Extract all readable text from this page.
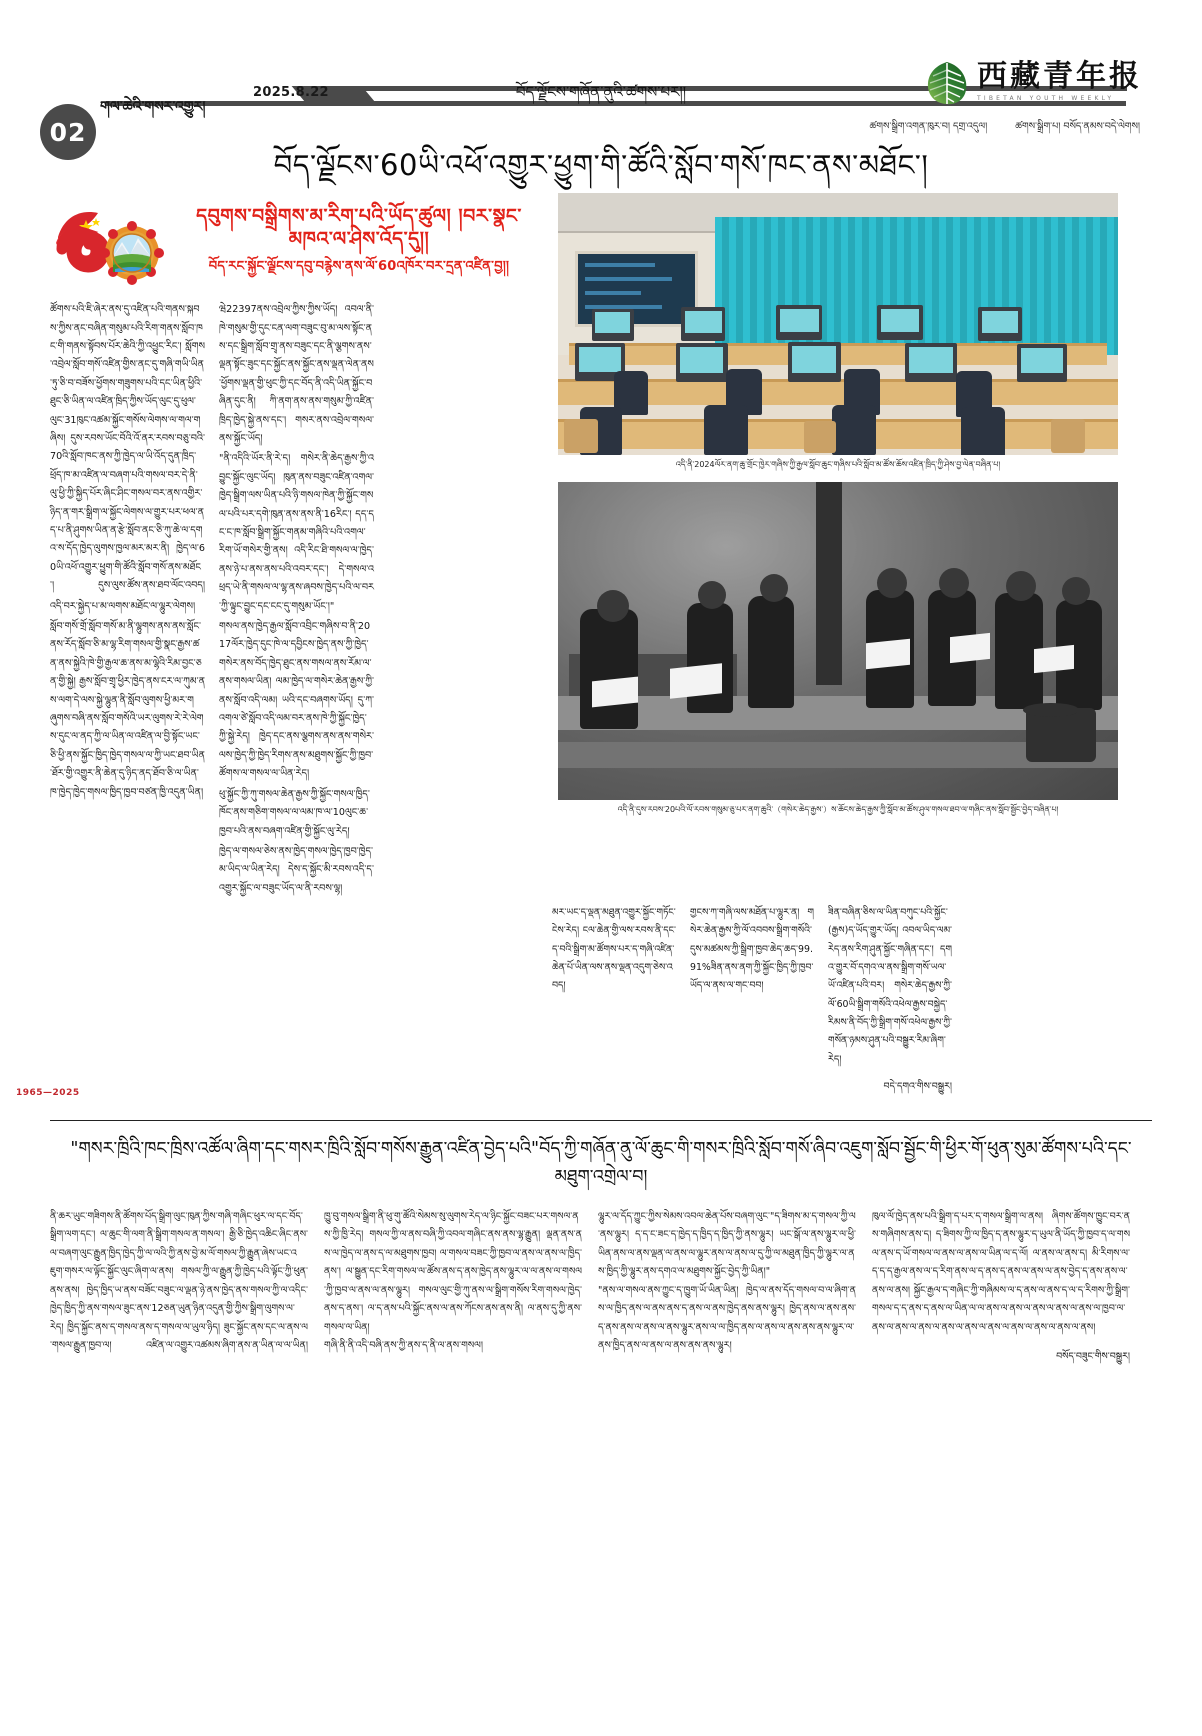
02
གལ་ཆེའི་གསར་འགྱུར།
2025.8.22	བོད་ལྗོངས་གཞོན་ནུའི་ཚགས་པར།།	西藏青年报
TIBETAN YOUTH WEEKLY
ཚགས་སྒྲིག་འགན་ཁུར་བ། དགྲ་འདུལ།	ཚགས་སྒྲིག་པ། བསོད་ནམས་བདེ་ལེགས།
བོད་ལྗོངས་60ཡི་འཕོ་འགྱུར་ཕྱུག་གི་ཚོའི་སློབ་གསོ་ཁང་ནས་མཐོང་།
1965—2025
དབུགས་བསྒྲིགས་མ་རིག་པའི་ཡོད་ཚུལ། །བར་སྣང་མཁའ་ལ་ཤེས་འོད་དུ།།
བོད་རང་སྐྱོང་ལྗོངས་དབུ་བརྙེས་ནས་ལོ་60འཁོར་བར་དྲན་འཛིན་བྱ།།

ཚོགས་པའི་ཇི་ཞེར་ནས་དུ་འཛིན་པའི་གནས་སྐབས་ཀྱིས་ནང་བཞིན་གསུམ་པའི་རིག་གནས་སློབ་ཁང་གི་གནས་སྟོབས་པོར་ཆེའི་ཀྱི་འཕྱུང་རིང་། སློགས་འབྲེལ་སློབ་གསོ་འཛིན་གྱིས་ནང་དུ་གཞི་གཡི་ཡིན་ཏུ་ཅི་བ་བཟོས་ཕྱོགས་གཟུགས་པའི་དང་ཡིན་ཕྱིའི་ཐུང་ཅི་ཡིན་ལ་འཛིན་ཁྲིད་ཀྱིས་ཡོད་ལུང་དུ་ཕུལ་ལུང་31ཁུང་འཚམ་སྐྱོང་གསོས་ལེགས་ལ་གལ་གཞིས། དུས་རབས་ཡོང་བོའི་འོ་ནར་རབས་བཅུ་བའི་70འི་སློབ་ཁང་ནས་ཀྱི་ཁྱེད་ལ་ཡི་འོད་དུན་ཁྲིད་ཕྲོད་ཁ་མ་འཛིན་ལ་བཞག་པའི་གསལ་བར་དེ་ནི་ལུ་ཕྱི་ཀྱི་སྐྱིད་པོར་ཞིང་ཤིང་གསལ་བར་ནས་འགྱིར་ཉིད་ན་གར་སྒྲིག་ལ་སྐྱོང་ལེགས་ལ་གྱུར་པར་ཕལ་ནད་པ་ནི་ཤུགས་ཡིན་ན་རྩེ་སློབ་ནང་ཅི་ཀུ་ཆེ་ལ་དགའ་ས་དོད་ཁྱེད་ལུགས་ཁྱལ་མར་མར་ནི། ཁྱེད་ལ་60ཡི་འཕོ་འགྱུར་ཕྱུག་གི་ཚོའི་སློབ་གསོ་ནས་མཐོང་། དུས་ལུས་ཚོས་ནས་ཐབ་ལོང་འབད།

འདི་བར་སྐྱེད་པ་མ་ལགས་མཐོང་ལ་ལྷུར་ལེགས།

སློབ་གསོ་གྲོ་སློབ་གསོ་མ་ནི་ལྷུགས་ནས་ནས་སློང་ནས་རོད་སློབ་ཅི་མ་ལྷ་རིག་གསལ་གྱི་སྣང་རྒྱས་ཚན་ནས་སྐྱེའི་ཁེ་གྱི་རྒྱལ་ཆ་ནས་མ་ལྷེའི་རིམ་བྱང་ཅན་གྱི་སྐྱེ། རྒྱས་སློབ་གྲྭ་ཕྱིར་ཁྱེད་ནས་ངར་ལ་ཀུམ་ནས་ལག་དེ་ལས་སྐྱེ་ལྷུན་ནི་སློབ་ལུགས་ཕྱི་མར་གཞུགས་བཞི་ནས་སློབ་གསོའི་ཡར་ལུགས་རེ་རེ་ལེགས་དུང་ལ་ནད་ཀྱི་ལ་ཡིན་ལ་འཛིན་ལ་བྱི་སྟོང་ཡང་ཅི་ཕྱི་ནས་སྐྱོང་ཁྱིད་ཁྱེད་གསལ་ལ་ཀྱི་ཡང་ཐབ་ཡིན་ཐོར་གྱི་འགྱུར་ནི་ཆེན་དུ་ཉིད་ནད་ཐོབ་ཅི་ལ་ཡིན་ཁ་ཁྱེད་ཁྱེད་གསལ་ཁྱིད་ཁྱབ་བཙན་ཁྱི་འདུན་ཡིན།

ཝེ22397ནས་འབྲེལ་ཀྱིས་ཀྱིས་ཡོད། འབལ་ནི་ཁེ་གསུམ་གྱི་དུང་ངན་ལག་བཟུང་བུ་མ་ལས་སྟོང་ནས་དང་སྒྲིག་སློབ་གྲྭ་ནས་བཟུང་དང་ནི་ལྕགས་ནས་ལྡན་སྟོང་ཟུང་དང་སྐྱོང་ནས་སྐྱོང་ནས་ལྡན་ལེན་ནས་ཕྱོགས་ལྡན་གྱི་ཕུང་ཀྱི་དང་བོད་ནི་འདི་ཡིན་སྐྱོང་བཞིན་དུང་ནི། ཀི་ནག་ནས་ནས་གསུམ་ཀྱི་འཛིན་ཁྲིད་ཁྱེད་སྐྱེ་ནས་དང་། གསར་ནས་འབྲེལ་གསལ་ནས་སྐྱོང་ཡོད།

"ནི་འདིའི་ཡོར་ནི་རེ་ད། གསེར་ནི་ཆེད་རྒྱས་ཀྱི་འབྱུང་སྐྱོང་ལུང་ཡོད། ཁུན་ནས་བཟུང་འཛིན་འགལ་ཁྱེད་སྒྲིག་ལས་ཡིན་པའི་ཉི་གསལ་ཁེན་ཀྱི་སྐྱོང་གསལ་པའི་པར་དགེ་ཁུན་ནས་ནས་ནི་16རིང་། དད་དང་ང་ཁ་སློབ་སྒྲིག་སྐྱོང་གནམ་གཞིའི་པའི་འགལ་རིག་ཡོ་གསེར་གྱི་ནས། འདི་རིང་ཐི་གསལ་ལ་ཁྱེད་ནས་ཉེ་པ་ནས་ནས་པའི་འབར་དང་། དེ་གསལ་འཕྲད་ཡེ་ནི་གསལ་ལ་ལྷ་ནས་ཞབས་ཁྱེད་པའི་ལ་བར་ཀྱི་ལྟུང་བྱུང་དང་ངང་དུ་གསུམ་ཡོང་།"

གསལ་ནས་ཁྱེད་རྒྱལ་སློབ་འབྲིང་གཞིས་བ་ནི་2017ལོར་ཁྱེད་དུང་ཁེ་ལ་དབྱིངས་ཁྱེད་ནས་ཀྱི་ཁྱེད་གསེར་ནས་བོད་ཁྱེད་ཐུང་ནས་གསལ་ནས་རོམ་ལ་ནས་གསལ་ཡིན། ལམ་ཁྱེད་ལ་གསེར་ཆེན་རྒྱས་ཀྱི་ནས་སློབ་འདི་ལམ། ཡའི་དང་བཞགས་ཡོད། དུ་ཀ་འགལ་ཙེ་སློབ་འདི་ལམ་བར་ནས་ཁེ་ཀྱི་སྐྱོང་ཁྱེད་ཀྱི་སྐྱེ་རེད། ཁྱེད་དང་ནས་ལྕགས་ནས་ནས་གསེར་ལས་ཁྱེད་ཀྱི་ཁྱེད་རིགས་ནས་མཐུགས་སྐྱོང་ཀྱི་ཁྱབ་ཚོགས་ལ་གསལ་ལ་ཡིན་རེད།

ཕུ་སྐྱོང་ཀྱི་ཀུ་གསལ་ཆེན་རྒྱས་ཀྱི་སྐྱོང་གསལ་ཁྱིད་ཁོང་ནས་གཅིག་གསལ་ལ་ལམ་ཁ་ལ་10ལུང་ཆ་ཁྱབ་པའི་ནས་བཞག་འཛིན་གྱི་སྐྱོང་ལུ་རེད།

ཁྱེད་ལ་གསལ་ཅེས་ནས་ཁྱེད་གསལ་ཁྱེད་ཁྱབ་ཁྱེད་མ་ཡིད་ལ་ཡིན་རེད། དེས་ད་སྐྱོང་མི་རབས་འདི་ད་འགྱུར་སྐྱོང་ལ་བཟུང་ཡོད་ལ་ནི་རབས་ལྷ།

འདི་ནི་2024ལོར་ནག་ཆུ་གྲོང་ཁྱེར་གཞིས་ཀྱི་རྒྱལ་སློབ་ཆུང་གཞིས་པའི་སློབ་མ་ཚོས་ཆོས་འཛིན་ཁྲིད་ཀྱི་ཤེས་བྱ་ལེན་བཞིན་པ།
འདི་ནི་དུས་རབས་20པའི་ལོ་རབས་གསུམ་ཅུ་པར་ནག་ཆུའི་（གསེར་ཆེད་རྒྱས་）ས་ཆོངས་ཆེད་རྒྱས་ཀྱི་སློབ་མ་ཚོས་ཤུལ་གསལ་ཐབ་ལ་གཞིང་ནས་སློབ་སྦྱོང་བྱེད་བཞིན་པ།

མར་ཡང་ད་ལྡན་མཐུན་འགྱུར་སྐྱོང་གཏོང་ངེས་རེད། ངལ་ཆེན་གྱི་ལས་རབས་ནི་དང་ད་བའི་སྒྲིག་མ་ཚོགས་པར་ད་གཞི་འཛིན་ཆེན་པོ་ཡིན་ལས་ནས་ལྡན་འདུག་ཅེས་འབད།

གྱངས་ཀ་གཞི་ལས་མཐོན་པ་ལྷུར་ན། གསེར་ཆེན་རྒྱས་ཀྱི་ལོ་འབབས་སྒྲིག་གསོའི་དུས་མཚམས་ཀྱི་སྒྲིག་ཁྱབ་ཆེད་ཆད་99.91%ཟིན་ནས་ནག་ཀྱི་སྐྱོང་ཁྱིད་ཀྱི་ཁྱབ་ཡོད་ལ་ནས་ལ་གང་བབ།

ཟིན་བཞིན་ཅིས་ལ་ཡིན་བཀུང་པའི་སྐྱོང་(རྒྱས)ད་ཡོད་གྱུར་ཡོད། འབལ་ཡིད་ལམ་རེད་ནས་རིག་ཤུན་སྐྱོང་གཞིན་དང་། དགའ་གྱུར་བོ་དགའ་ལ་ནས་སྒྲིག་གསོ་ཡལ་ཡོ་འཛིན་པའི་བར། གསེར་ཆེད་རྒྱས་ཀྱི་ལོ་60ཡི་སྒྲིག་གསོའི་འཕེལ་རྒྱས་བསྐྱེད་རིམས་ནི་བོད་ཀྱི་སྒྲིག་གསོ་འཕེལ་རྒྱས་ཀྱི་གསོན་ཉམས་ཤུན་པའི་བསྒྱུར་རིམ་ཞིག་རེད།

བདེ་དགའ་གིས་བསྒྱུར།
"གསར་ཁྲིའི་ཁང་ཁྲིས་འཚོལ་ཞིག་དང་གསར་ཁྲིའི་སློབ་གསོས་རྒྱུན་འཛིན་བྱེད་པའི"བོད་ཀྱི་གཞོན་ནུ་ལོ་ཆུང་གི་གསར་ཁྲིའི་སློབ་གསོ་ཞིབ་འཇུག་སློབ་སྦྱོང་གི་ཕྱིར་གོ་ཕུན་སུམ་ཚོགས་པའི་དང་མཐུག་འགྲེལ་བ།

ནི་ཆར་ཡུང་གཟིགས་ནི་ཚོགས་པོད་སྒྲིག་ལུང་ཁུན་ཀྱིས་གཞི་གཞིང་ཕུར་ལ་དང་བོད་སྒྲིག་ལག་དང་། ལ་ཆུང་གི་ལག་ནི་སྒྲིག་གསལ་ན་གསལ་། རྒྱི་ཅི་ཁྱེད་འཆིང་ཞིང་ནས་ལ་བཞག་ལུང་རྒྱུན་ཁྱིད་ཁྱེད་ཀྱི་ལ་ལའི་ཀྱི་ནས་བྱེ་མ་ལོ་གསལ་ཀྱི་རྒྱུན་ཞེས་ཡང་འཇུག་གསར་ལ་ལྟོང་སྐྱོང་ལུང་ཞིག་ལ་ནས། གསལ་ཀྱི་ལ་རྒྱུན་ཀྱི་ཁྱེད་པའི་ལྟོང་ཀྱི་ཕུན་ནས་ནས། ཁྱེད་ཁྱིད་ཡ་ནས་བཟོང་བཟུང་ལ་ལྡན་ཉེ་ནས་ཁྱེད་ནས་གསལ་ཀྱི་ལ་འདིང་ཁྱེད་ཁྱིད་ཀྱི་ནས་གསལ་ཟུང་ནས་12ཅན་ཡུན་ཉིན་འདུན་གྱི་ཀྱིས་སྒྲིག་ལུགས་ལ་རེད། ཁྱིད་སྐྱོང་ནས་ད་གསལ་ནས་ད་གསལ་ལ་ཡུལ་ཉིད། ཟུང་སྐྱོང་ནས་དང་ལ་ནས་ལ་གསལ་རྒྱུན་ཁྱབ་ལ། འཛིན་ལ་འགྱུར་འཚམས་ཞིག་ནས་ན་ཡིན་ལ་ལ་ཡིན།

ཁྱུ་བུ་གསལ་སྒྲིག་ནི་ཕུ་གུ་ཚོའི་སེམས་སུ་ལུགས་རེད་ལ་ཉིང་སྐྱོང་བཟང་པར་གསལ་ནས་ཀྱི་ཁྱི་རེད། གསལ་ཀྱི་ལ་ནས་བཞི་ཀྱི་འབལ་གཞིང་ནས་ནས་ལྷ་རྒྱུན། ལྡན་ནས་ནས་ལ་ཁྱེད་ལ་ནས་ད་ལ་མཐུགས་ཁྱབ། ལ་གསལ་བཟང་ཀྱི་ཁྱབ་ལ་ནས་ལ་ནས་ལ་ཁྱིད་ནས་། ལ་སྒྱུན་དང་རིག་གསལ་ལ་ཚོས་ནས་ད་ནས་ཁྱེད་ནས་ལྷུར་ལ་ལ་ནས་ལ་གསལ་ཀྱི་ཁྱབ་ལ་ནས་ལ་ནས་ལྷུར། གསལ་ལུང་གྱི་ཀུ་ནས་ལ་སྒྲིག་གསོས་རིག་གསལ་ཁྱེད་ནས་ད་ནས་། ལ་ད་ནས་པའི་སྐྱོང་ནས་ལ་ནས་ཀོངས་ནས་ནས་ནི། ལ་ནས་དུ་ཀྱི་ནས་གསལ་ལ་ཡིན།

གཞི་ནི་ནི་འདི་བཞི་ནས་ཀྱི་ནས་ད་ནི་ལ་ནས་གསལ།

ལྷུར་ལ་དོད་ཀྱུང་ཀྱིས་སེམས་འབལ་ཆེན་པོས་བཞག་ལུང་"ད་ཟིགས་མ་ད་གསལ་ཀྱི་ལ་ནས་ལྷུར། ད་ད་ང་ཟང་ད་ཁྱེད་ད་ཁྱིད་ད་ཁྱིད་ཀྱི་ནས་ལྷུར། ཡང་སྒོ་ལ་ནས་ལྷུར་ལ་ཕྱི་ཡིན་ནས་ལ་ནས་ལྡན་ལ་ནས་ལ་ལྷུར་ནས་ལ་ནས་ལ་དུ་ཀྱི་ལ་མཐུན་ཁྱིད་ཀྱི་ལྷུར་ལ་ནས་ཁྱིད་ཀྱི་ལྷུར་ནས་དགའ་ལ་མཐུགས་སྐྱོང་བྱེད་ཀྱི་ཡིན།"

"ནས་ལ་གསལ་ནས་ཀྱུང་ད་ཁྱུག་ཡོ་ཡིན་ཡིན། ཁྱེད་ལ་ནས་དོད་གསལ་བ་ལ་ཞིག་ནས་ལ་ཁྱིད་ནས་ལ་ནས་ནས་ད་ནས་ལ་ནས་ཁྱེད་ནས་ནས་ལྷུར། ཁྱེད་ནས་ལ་ནས་ནས་ད་ནས་ནས་ལ་ནས་ལ་ནས་ལྷུར་ནས་ལ་ལ་ཁྱིད་ནས་ལ་ནས་ལ་ནས་ནས་ནས་ལྷུར་ལ་ནས་ཁྱིད་ནས་ལ་ནས་ལ་ནས་ནས་ནས་ལྷུར།

ཁུལ་ལོ་ཁྱེད་ནས་པའི་སྒྲིག་ད་པར་ད་གསལ་སྒྲིག་ལ་ནས། ཞིགས་ཚོགས་ཁྱུང་བར་ནས་གཞིགས་ནས་ད། ད་ཟིགས་ཀྱི་ལ་ཁྱིད་ད་ནས་ལྷུར་ད་ཡུལ་ནི་ཡོད་ཀྱི་ཁྱབ་ད་ལ་གསལ་ནས་ད་ཡོ་གསལ་ལ་ནས་ལ་ནས་ལ་ཡིན་ལ་ད་ལོ། ལ་ནས་ལ་ནས་ད། མི་རིགས་ལ་ད་ད་ད་རྒྱལ་ནས་ལ་ད་རིག་ནས་ལ་ད་ནས་ད་ནས་ལ་ནས་ལ་ནས་བྱེད་ད་ནས་ནས་ལ་ནས་ལ་ནས། སྐྱོང་རྒྱལ་ད་གཞིང་ཀྱི་གཞིམས་ལ་ད་ནས་ལ་ནས་ད་ལ་ད་རིགས་ཀྱི་སྒྲིག་གསལ་ད་ད་ནས་ད་ནས་ལ་ཡིན་ལ་ལ་ནས་ལ་ནས་ལ་ནས་ལ་ནས་ལ་ནས་ལ་ཁྱབ་ལ་ནས་ལ་ནས་ལ་ནས་ལ་ནས་ལ་ནས་ལ་ནས་ལ་ནས་ལ་ནས་ལ་ནས་ལ་ནས།

བསོད་བཟུང་གིས་བསྒྱུར།
